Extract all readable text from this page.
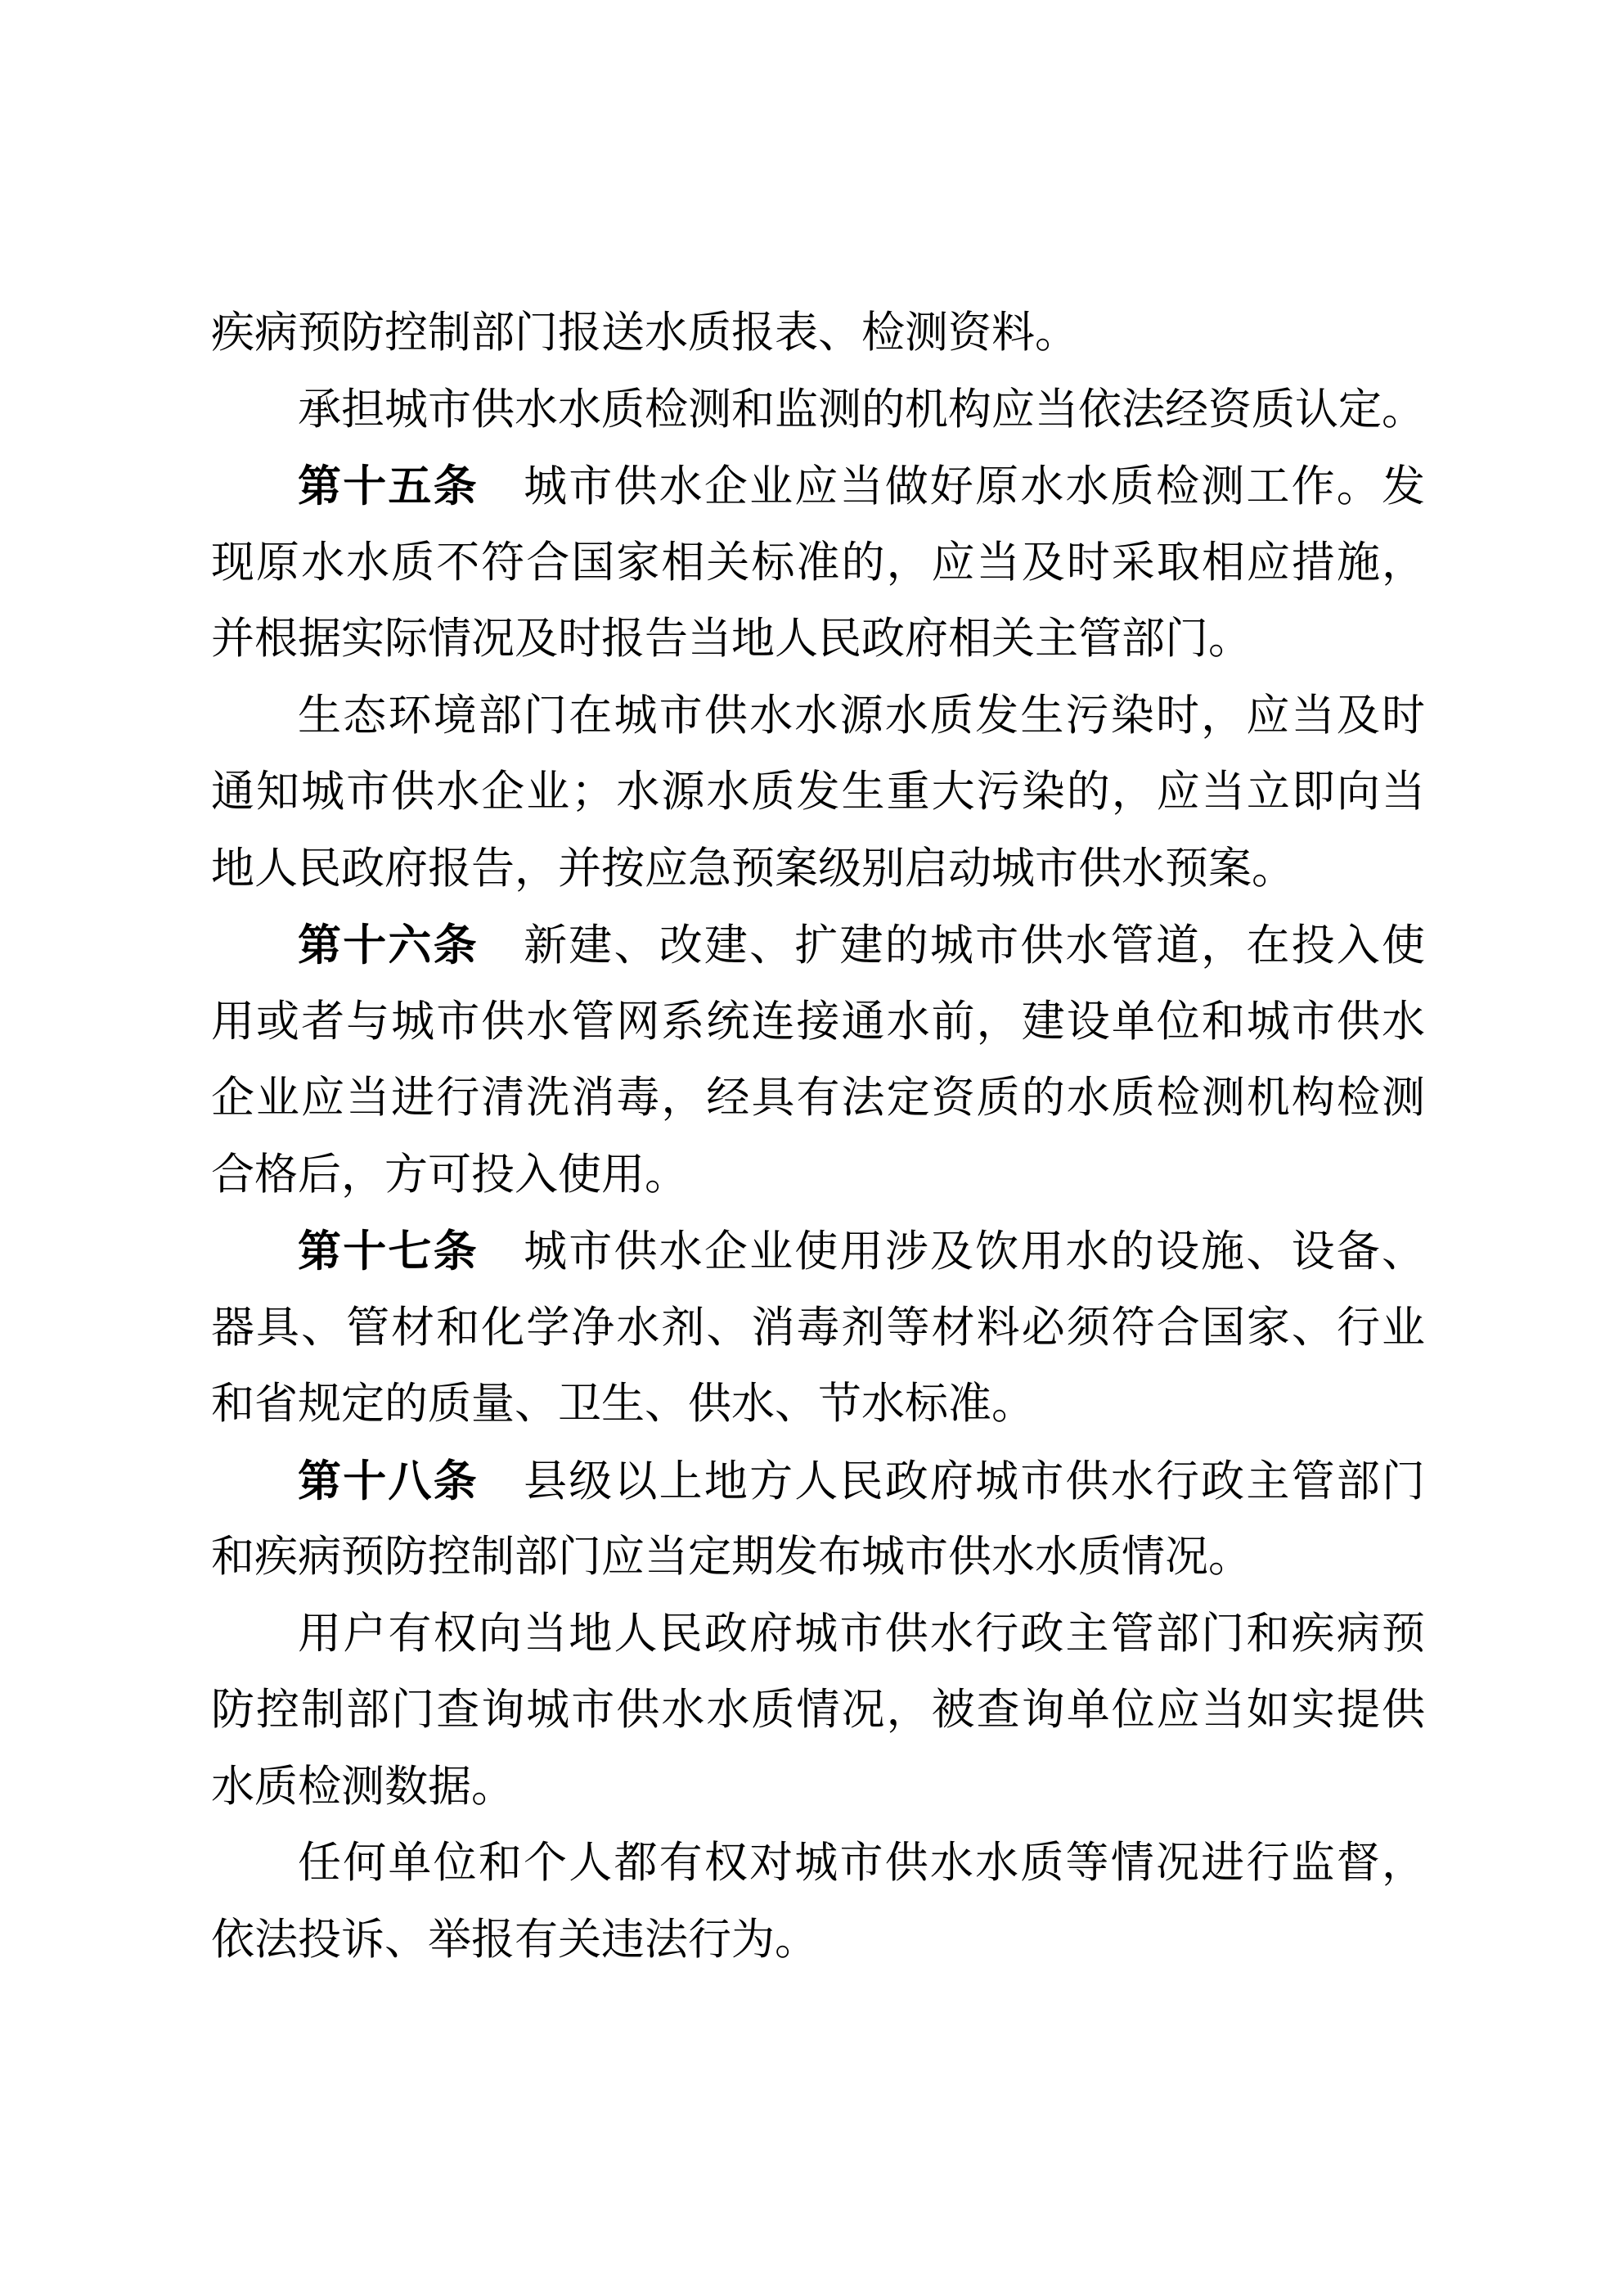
疾病预防控制部门报送水质报表、检测资料。
承担城市供水水质检测和监测的机构应当依法经资质认定。
第十五条　 城市供水企业应当做好原水水质检测工作。发
现原水水质不符合国家相关标准的，应当及时采取相应措施，
并根据实际情况及时报告当地人民政府相关主管部门。
生态环境部门在城市供水水源水质发生污染时，应当及时
通知城市供水企业；水源水质发生重大污染的，应当立即向当
地人民政府报告，并按应急预案级别启动城市供水预案。
第十六条　 新建、改建、扩建的城市供水管道，在投入使
用或者与城市供水管网系统连接通水前，建设单位和城市供水
企业应当进行清洗消毒，经具有法定资质的水质检测机构检测
合格后，方可投入使用。
第十七条　 城市供水企业使用涉及饮用水的设施、设备、
器具、管材和化学净水剂、消毒剂等材料必须符合国家、行业
和省规定的质量、卫生、供水、节水标准。
第十八条　 县级以上地方人民政府城市供水行政主管部门
和疾病预防控制部门应当定期发布城市供水水质情况。
用户有权向当地人民政府城市供水行政主管部门和疾病预
防控制部门查询城市供水水质情况，被查询单位应当如实提供
水质检测数据。
任何单位和个人都有权对城市供水水质等情况进行监督，
依法投诉、举报有关违法行为。
